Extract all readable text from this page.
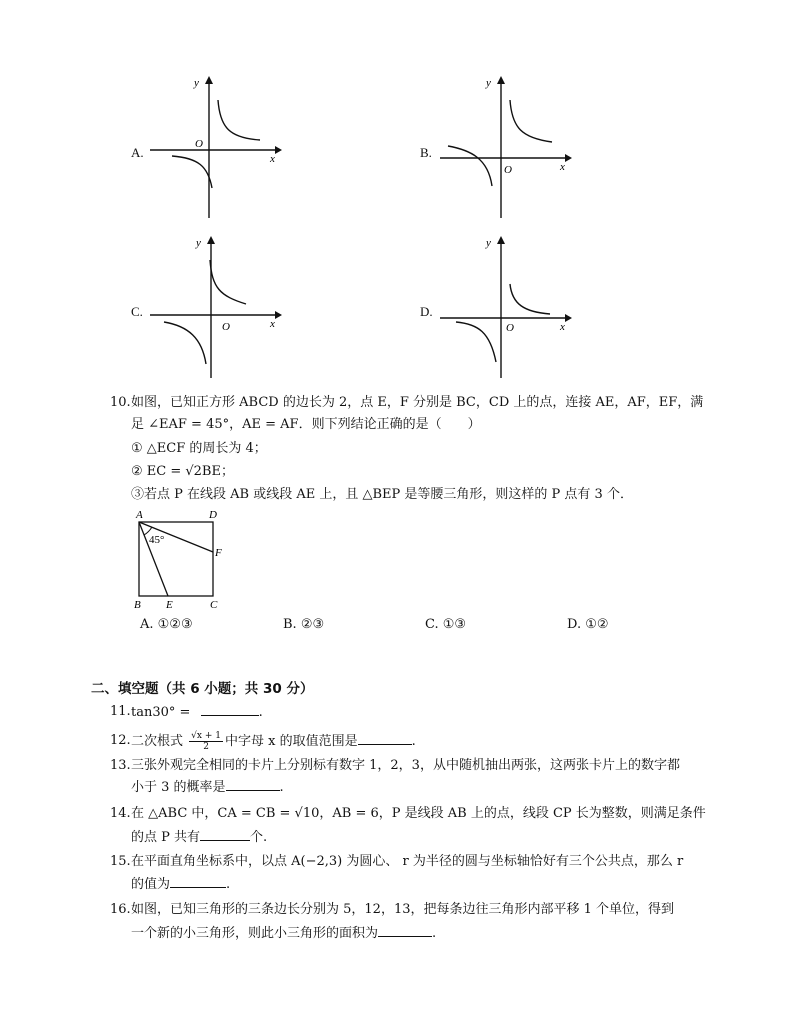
A.
y
x
O
B.
y
x
O
C.
y
x
O
D.
y
x
O
10. 如图，已知正方形 ABCD 的边长为 2，点 E，F 分别是 BC，CD 上的点，连接 AE，AF，EF，满
足 ∠EAF = 45°，AE = AF．则下列结论正确的是（　　）
① △ECF 的周长为 4；
② EC = √2BE；
③若点 P 在线段 AB 或线段 AE 上，且 △BEP 是等腰三角形，则这样的 P 点有 3 个．
A	D
B E	C
F
45°
A. ①②③	B. ②③	C. ①③	D. ①②
二、填空题（共 6 小题；共 30 分）
11. tan30° =	.
12. 二次根式 $\frac{√x + 1}{2}$ 中字母 x 的取值范围是	.
13. 三张外观完全相同的卡片上分别标有数字 1，2，3，从中随机抽出两张，这两张卡片上的数字都
小于 3 的概率是	.
14. 在 △ABC 中，CA = CB = √10，AB = 6，P 是线段 AB 上的点，线段 CP 长为整数，则满足条件
的点 P 共有	个.
15. 在平面直角坐标系中，以点 A(−2,3) 为圆心、 r 为半径的圆与坐标轴恰好有三个公共点，那么 r
的值为	.
16. 如图，已知三角形的三条边长分别为 5，12，13，把每条边往三角形内部平移 1 个单位，得到
一个新的小三角形，则此小三角形的面积为	.
